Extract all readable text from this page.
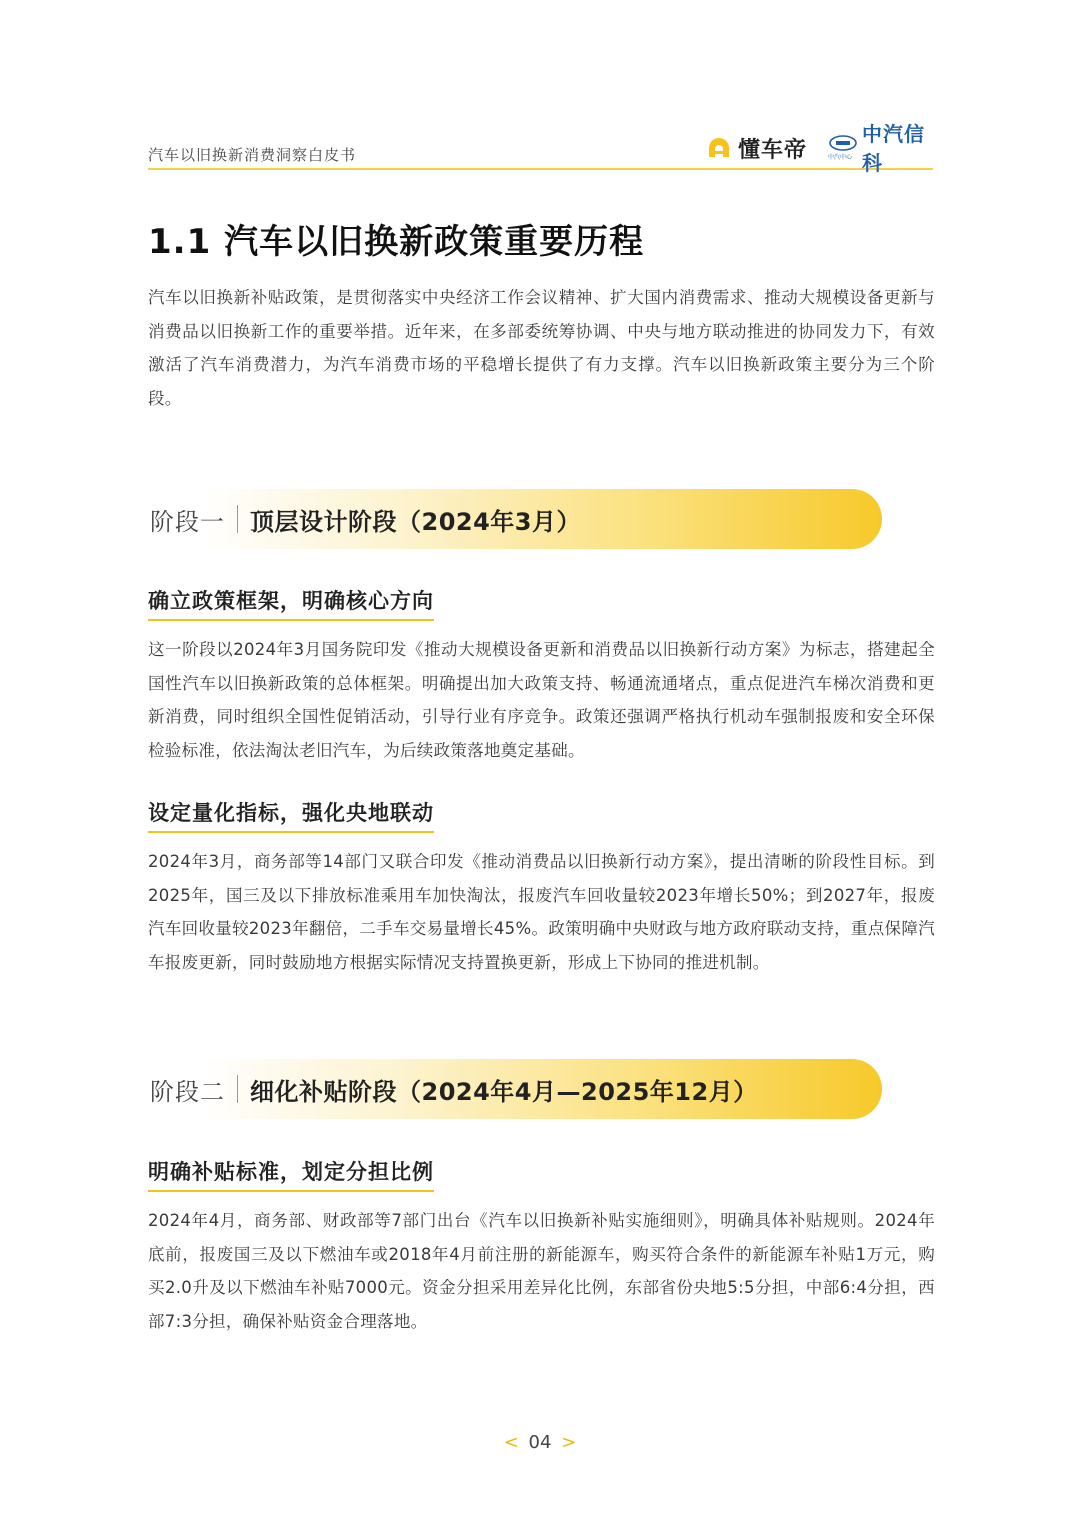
汽车以旧换新消费洞察白皮书	懂车帝	中汽中心
中汽信科
1.1 汽车以旧换新政策重要历程
汽车以旧换新补贴政策，是贯彻落实中央经济工作会议精神、扩大国内消费需求、推动大规模设备更新与消费品以旧换新工作的重要举措。近年来，在多部委统筹协调、中央与地方联动推进的协同发力下，有效激活了汽车消费潜力，为汽车消费市场的平稳增长提供了有力支撑。汽车以旧换新政策主要分为三个阶段。
阶段一 顶层设计阶段（2024年3月）
确立政策框架，明确核心方向
这一阶段以2024年3月国务院印发《推动大规模设备更新和消费品以旧换新行动方案》为标志，搭建起全国性汽车以旧换新政策的总体框架。明确提出加大政策支持、畅通流通堵点，重点促进汽车梯次消费和更新消费，同时组织全国性促销活动，引导行业有序竞争。政策还强调严格执行机动车强制报废和安全环保检验标准，依法淘汰老旧汽车，为后续政策落地奠定基础。
设定量化指标，强化央地联动
2024年3月，商务部等14部门又联合印发《推动消费品以旧换新行动方案》，提出清晰的阶段性目标。到2025年，国三及以下排放标准乘用车加快淘汰，报废汽车回收量较2023年增长50%；到2027年，报废汽车回收量较2023年翻倍，二手车交易量增长45%。政策明确中央财政与地方政府联动支持，重点保障汽车报废更新，同时鼓励地方根据实际情况支持置换更新，形成上下协同的推进机制。
阶段二 细化补贴阶段（2024年4月—2025年12月）
明确补贴标准，划定分担比例
2024年4月，商务部、财政部等7部门出台《汽车以旧换新补贴实施细则》，明确具体补贴规则。2024年底前，报废国三及以下燃油车或2018年4月前注册的新能源车，购买符合条件的新能源车补贴1万元，购买2.0升及以下燃油车补贴7000元。资金分担采用差异化比例，东部省份央地5:5分担，中部6:4分担，西部7:3分担，确保补贴资金合理落地。
< 04 >
